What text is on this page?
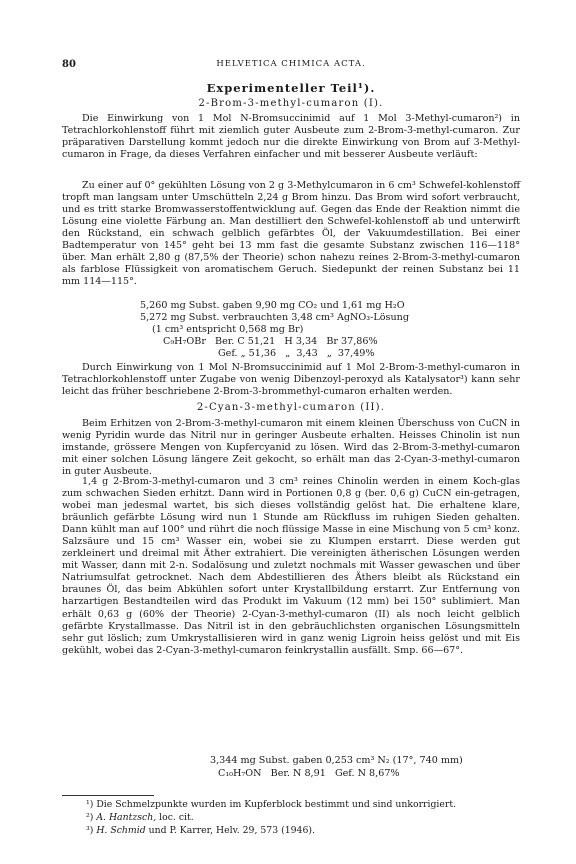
80	HELVETICA CHIMICA ACTA.
Experimenteller Teil¹).
2-Brom-3-methyl-cumaron (I).

Die Einwirkung von 1 Mol N-Bromsuccinimid auf 1 Mol 3-Methyl-cumaron²) in Tetrachlorkohlenstoff führt mit ziemlich guter Ausbeute zum 2-Brom-3-methyl-cumaron. Zur präparativen Darstellung kommt jedoch nur die direkte Einwirkung von Brom auf 3-Methyl-cumaron in Frage, da dieses Verfahren einfacher und mit besserer Ausbeute verläuft:

Zu einer auf 0° gekühlten Lösung von 2 g 3-Methylcumaron in 6 cm³ Schwefel-kohlenstoff tropft man langsam unter Umschütteln 2,24 g Brom hinzu. Das Brom wird sofort verbraucht, und es tritt starke Bromwasserstoffentwicklung auf. Gegen das Ende der Reaktion nimmt die Lösung eine violette Färbung an. Man destilliert den Schwefel-kohlenstoff ab und unterwirft den Rückstand, ein schwach gelblich gefärbtes Öl, der Vakuumdestillation. Bei einer Badtemperatur von 145° geht bei 13 mm fast die gesamte Substanz zwischen 116—118° über. Man erhält 2,80 g (87,5% der Theorie) schon nahezu reines 2-Brom-3-methyl-cumaron als farblose Flüssigkeit von aromatischem Geruch. Siedepunkt der reinen Substanz bei 11 mm 114—115°.

5,260 mg Subst. gaben 9,90 mg CO₂ und 1,61 mg H₂O
5,272 mg Subst. verbrauchten 3,48 cm³ AgNO₃-Lösung
(1 cm³ entspricht 0,568 mg Br)
C₉H₇OBr   Ber. C 51,21   H 3,34   Br 37,86%
Gef. „ 51,36   „  3,43   „  37,49%

Durch Einwirkung von 1 Mol N-Bromsuccinimid auf 1 Mol 2-Brom-3-methyl-cumaron in Tetrachlorkohlenstoff unter Zugabe von wenig Dibenzoyl-peroxyd als Katalysator³) kann sehr leicht das früher beschriebene 2-Brom-3-brommethyl-cumaron erhalten werden.

2-Cyan-3-methyl-cumaron (II).

Beim Erhitzen von 2-Brom-3-methyl-cumaron mit einem kleinen Überschuss von CuCN in wenig Pyridin wurde das Nitril nur in geringer Ausbeute erhalten. Heisses Chinolin ist nun imstande, grössere Mengen von Kupfercyanid zu lösen. Wird das 2-Brom-3-methyl-cumaron mit einer solchen Lösung längere Zeit gekocht, so erhält man das 2-Cyan-3-methyl-cumaron in guter Ausbeute.

1,4 g 2-Brom-3-methyl-cumaron und 3 cm³ reines Chinolin werden in einem Koch-glas zum schwachen Sieden erhitzt. Dann wird in Portionen 0,8 g (ber. 0,6 g) CuCN ein-getragen, wobei man jedesmal wartet, bis sich dieses vollständig gelöst hat. Die erhaltene klare, bräunlich gefärbte Lösung wird nun 1 Stunde am Rückfluss im ruhigen Sieden gehalten. Dann kühlt man auf 100° und rührt die noch flüssige Masse in eine Mischung von 5 cm³ konz. Salzsäure und 15 cm³ Wasser ein, wobei sie zu Klumpen erstarrt. Diese werden gut zerkleinert und dreimal mit Äther extrahiert. Die vereinigten ätherischen Lösungen werden mit Wasser, dann mit 2-n. Sodalösung und zuletzt nochmals mit Wasser gewaschen und über Natriumsulfat getrocknet. Nach dem Abdestillieren des Äthers bleibt als Rückstand ein braunes Öl, das beim Abkühlen sofort unter Krystallbildung erstarrt. Zur Entfernung von harzartigen Bestandteilen wird das Produkt im Vakuum (12 mm) bei 150° sublimiert. Man erhält 0,63 g (60% der Theorie) 2-Cyan-3-methyl-cumaron (II) als noch leicht gelblich gefärbte Krystallmasse. Das Nitril ist in den gebräuchlichsten organischen Lösungsmitteln sehr gut löslich; zum Umkrystallisieren wird in ganz wenig Ligroin heiss gelöst und mit Eis gekühlt, wobei das 2-Cyan-3-methyl-cumaron feinkrystallin ausfällt. Smp. 66—67°.

3,344 mg Subst. gaben 0,253 cm³ N₂ (17°, 740 mm)
C₁₀H₇ON   Ber. N 8,91   Gef. N 8,67%
¹) Die Schmelzpunkte wurden im Kupferblock bestimmt und sind unkorrigiert.
²) A. Hantzsch, loc. cit.
³) H. Schmid und P. Karrer, Helv. 29, 573 (1946).
